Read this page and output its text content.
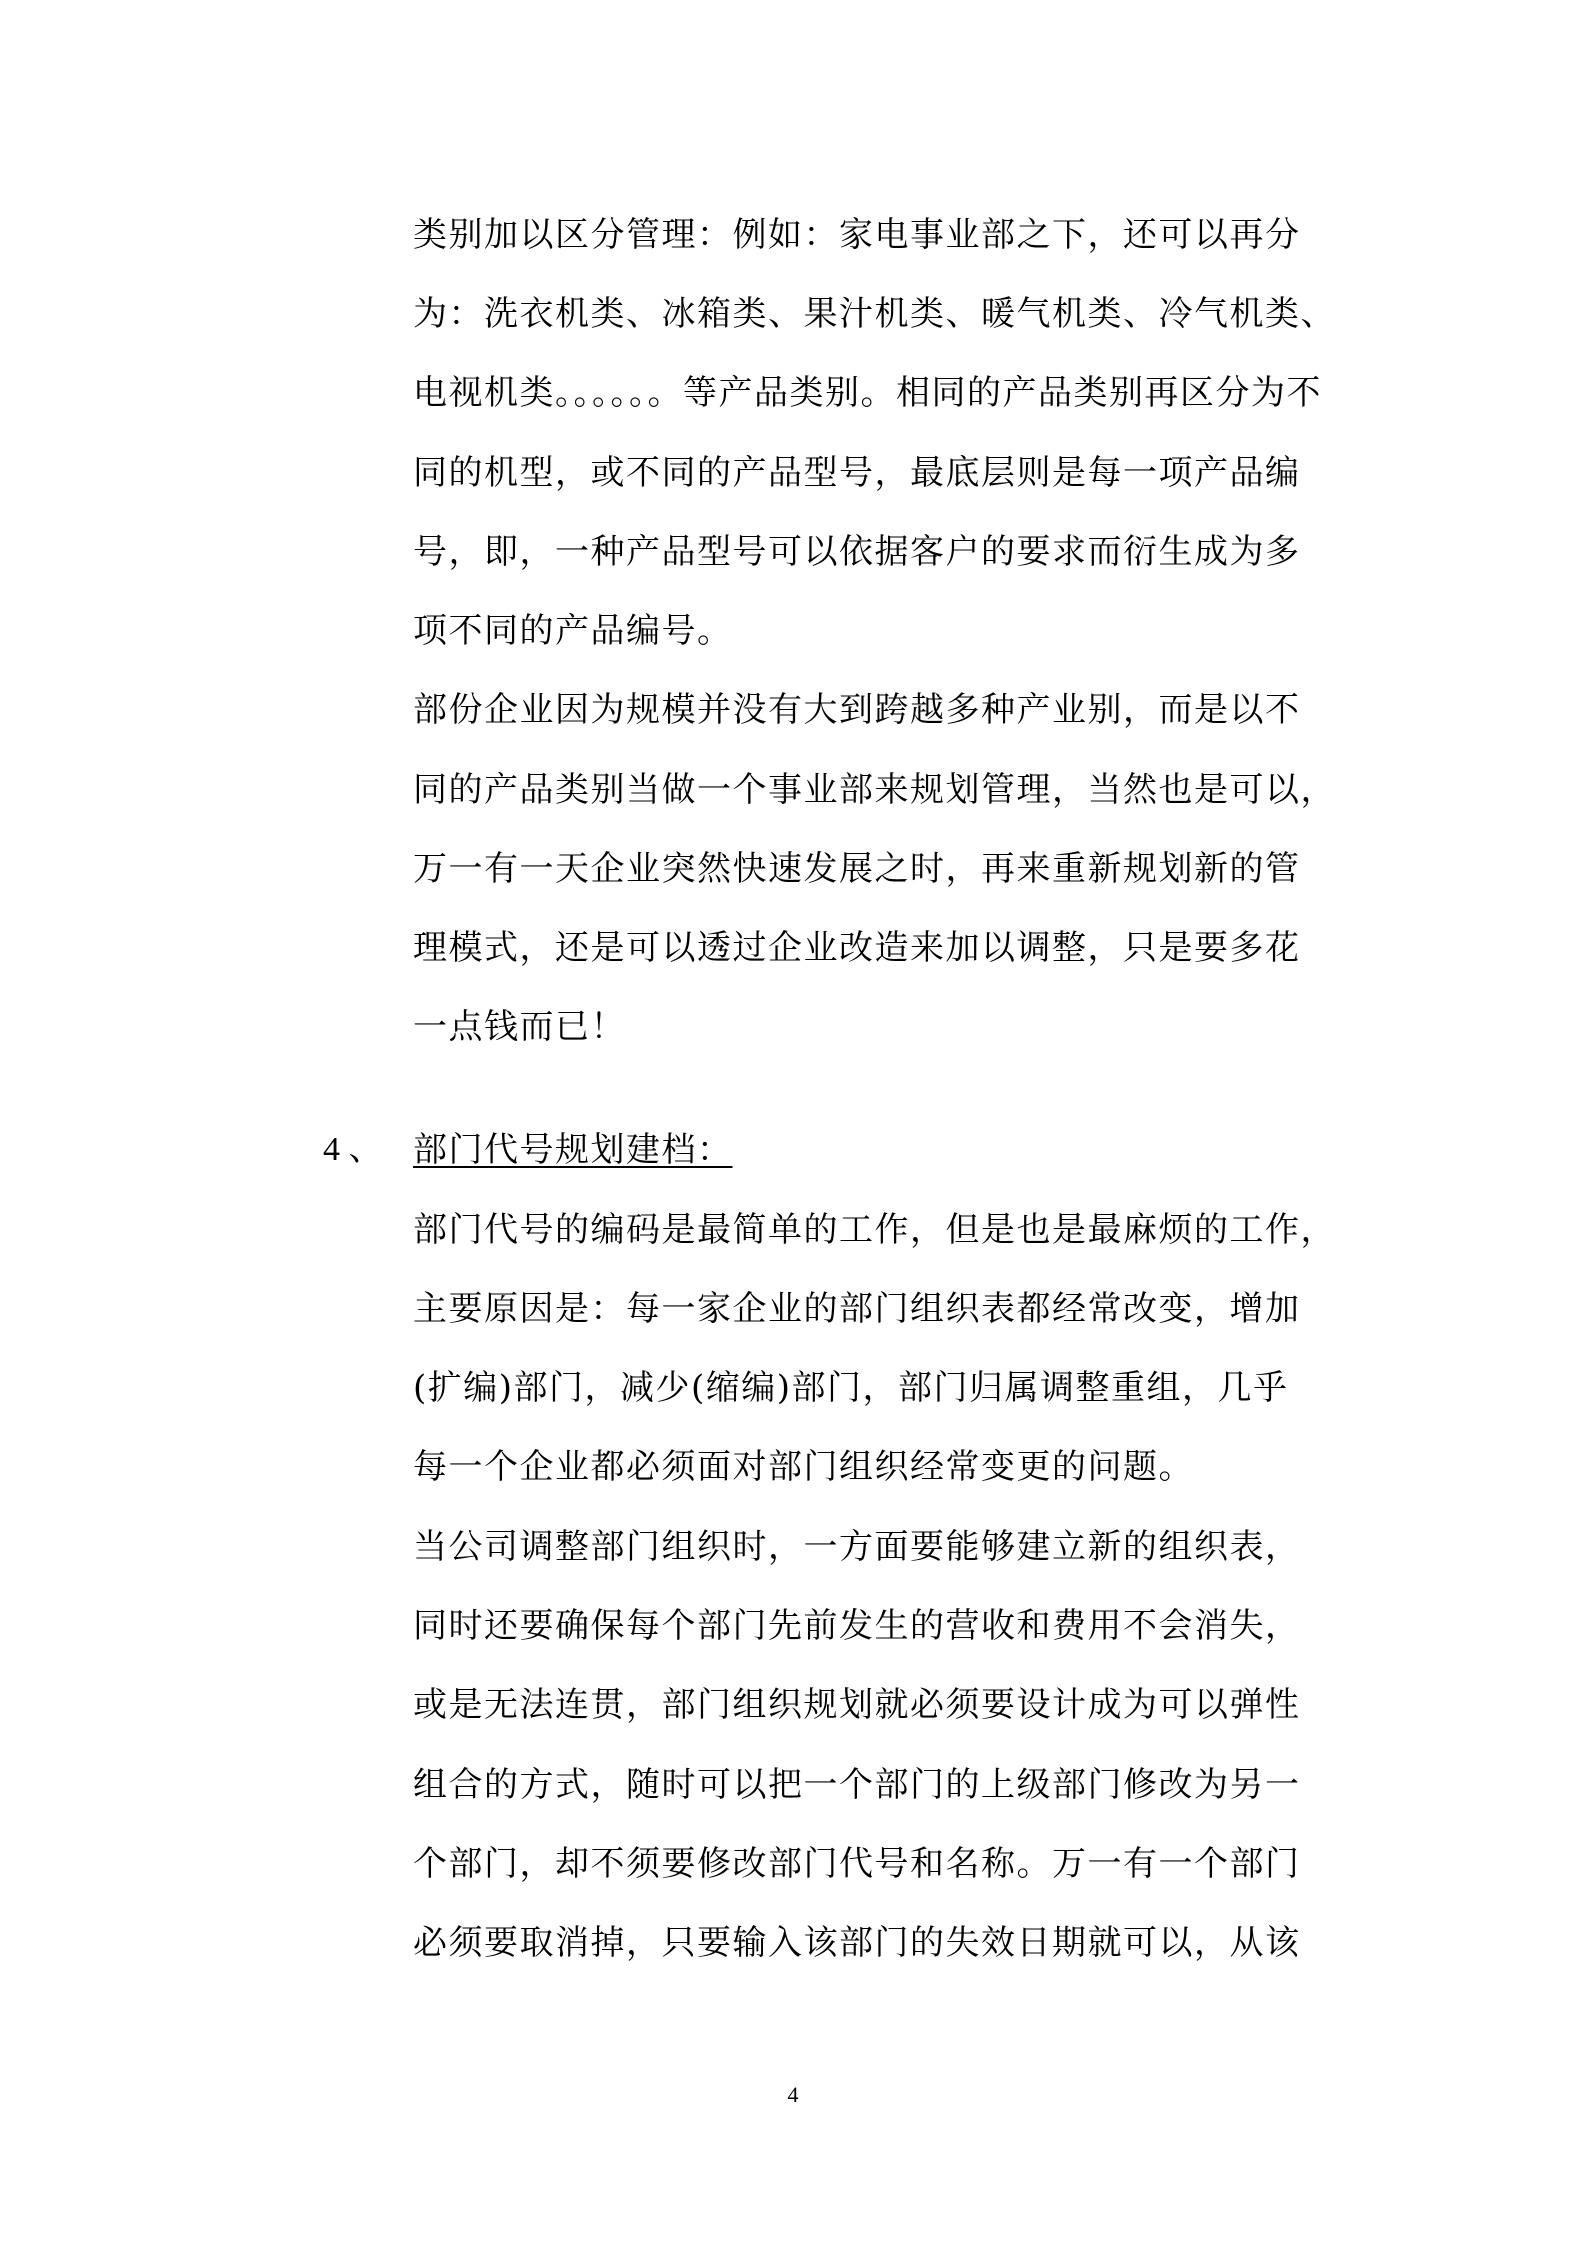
类别加以区分管理：例如：家电事业部之下，还可以再分
为：洗衣机类、冰箱类、果汁机类、暖气机类、冷气机类、
电视机类。。。。。。等产品类别。相同的产品类别再区分为不
同的机型，或不同的产品型号，最底层则是每一项产品编
号，即，一种产品型号可以依据客户的要求而衍生成为多
项不同的产品编号。
部份企业因为规模并没有大到跨越多种产业别，而是以不
同的产品类别当做一个事业部来规划管理，当然也是可以，
万一有一天企业突然快速发展之时，再来重新规划新的管
理模式，还是可以透过企业改造来加以调整，只是要多花
一点钱而已！
4 、 部门代号规划建档：
部门代号的编码是最简单的工作，但是也是最麻烦的工作，
主要原因是：每一家企业的部门组织表都经常改变，增加
(扩编)部门，减少(缩编)部门，部门归属调整重组，几乎
每一个企业都必须面对部门组织经常变更的问题。
当公司调整部门组织时，一方面要能够建立新的组织表，
同时还要确保每个部门先前发生的营收和费用不会消失，
或是无法连贯，部门组织规划就必须要设计成为可以弹性
组合的方式，随时可以把一个部门的上级部门修改为另一
个部门，却不须要修改部门代号和名称。万一有一个部门
必须要取消掉，只要输入该部门的失效日期就可以，从该
4
